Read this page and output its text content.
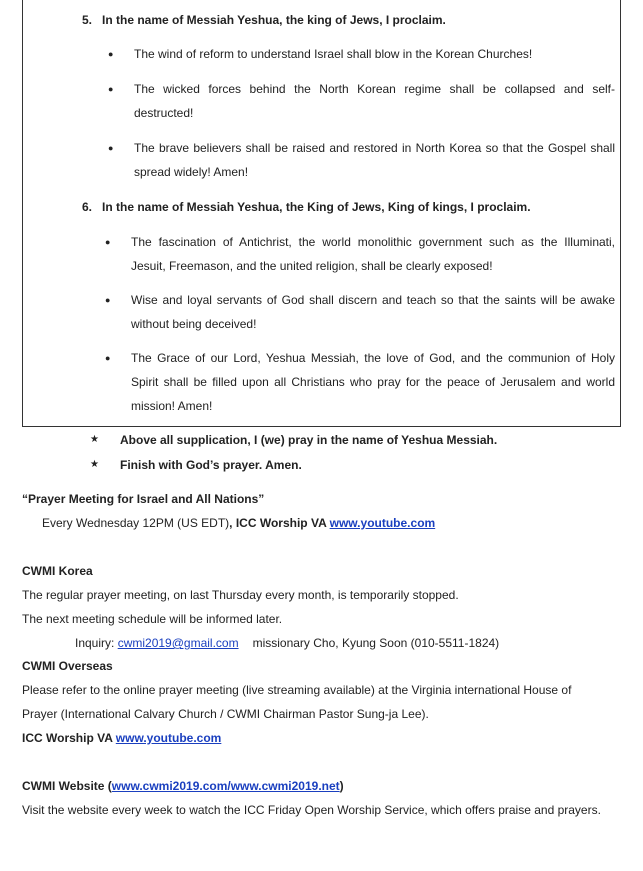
5.   In the name of Messiah Yeshua, the king of Jews, I proclaim.
● The wind of reform to understand Israel shall blow in the Korean Churches!
● The wicked forces behind the North Korean regime shall be collapsed and self-
destructed!
● The brave believers shall be raised and restored in North Korea so that the Gospel shall
spread widely! Amen!
6.   In the name of Messiah Yeshua, the King of Jews, King of kings, I proclaim.
● The fascination of Antichrist, the world monolithic government such as the Illuminati,
Jesuit, Freemason, and the united religion, shall be clearly exposed!
● Wise and loyal servants of God shall discern and teach so that the saints will be awake
without being deceived!
● The Grace of our Lord, Yeshua Messiah, the love of God, and the communion of Holy
Spirit shall be filled upon all Christians who pray for the peace of Jerusalem and world
mission! Amen!
★ Above all supplication, I (we) pray in the name of Yeshua Messiah.
★ Finish with God’s prayer. Amen.
“Prayer Meeting for Israel and All Nations”
Every Wednesday 12PM (US EDT), ICC Worship VA www.youtube.com
CWMI Korea
The regular prayer meeting, on last Thursday every month, is temporarily stopped.
The next meeting schedule will be informed later.
Inquiry: cwmi2019@gmail.com missionary Cho, Kyung Soon (010-5511-1824)
CWMI Overseas
Please refer to the online prayer meeting (live streaming available) at the Virginia international House of
Prayer (International Calvary Church / CWMI Chairman Pastor Sung-ja Lee).
ICC Worship VA www.youtube.com
CWMI Website (www.cwmi2019.com/www.cwmi2019.net)
Visit the website every week to watch the ICC Friday Open Worship Service, which offers praise and prayers.
